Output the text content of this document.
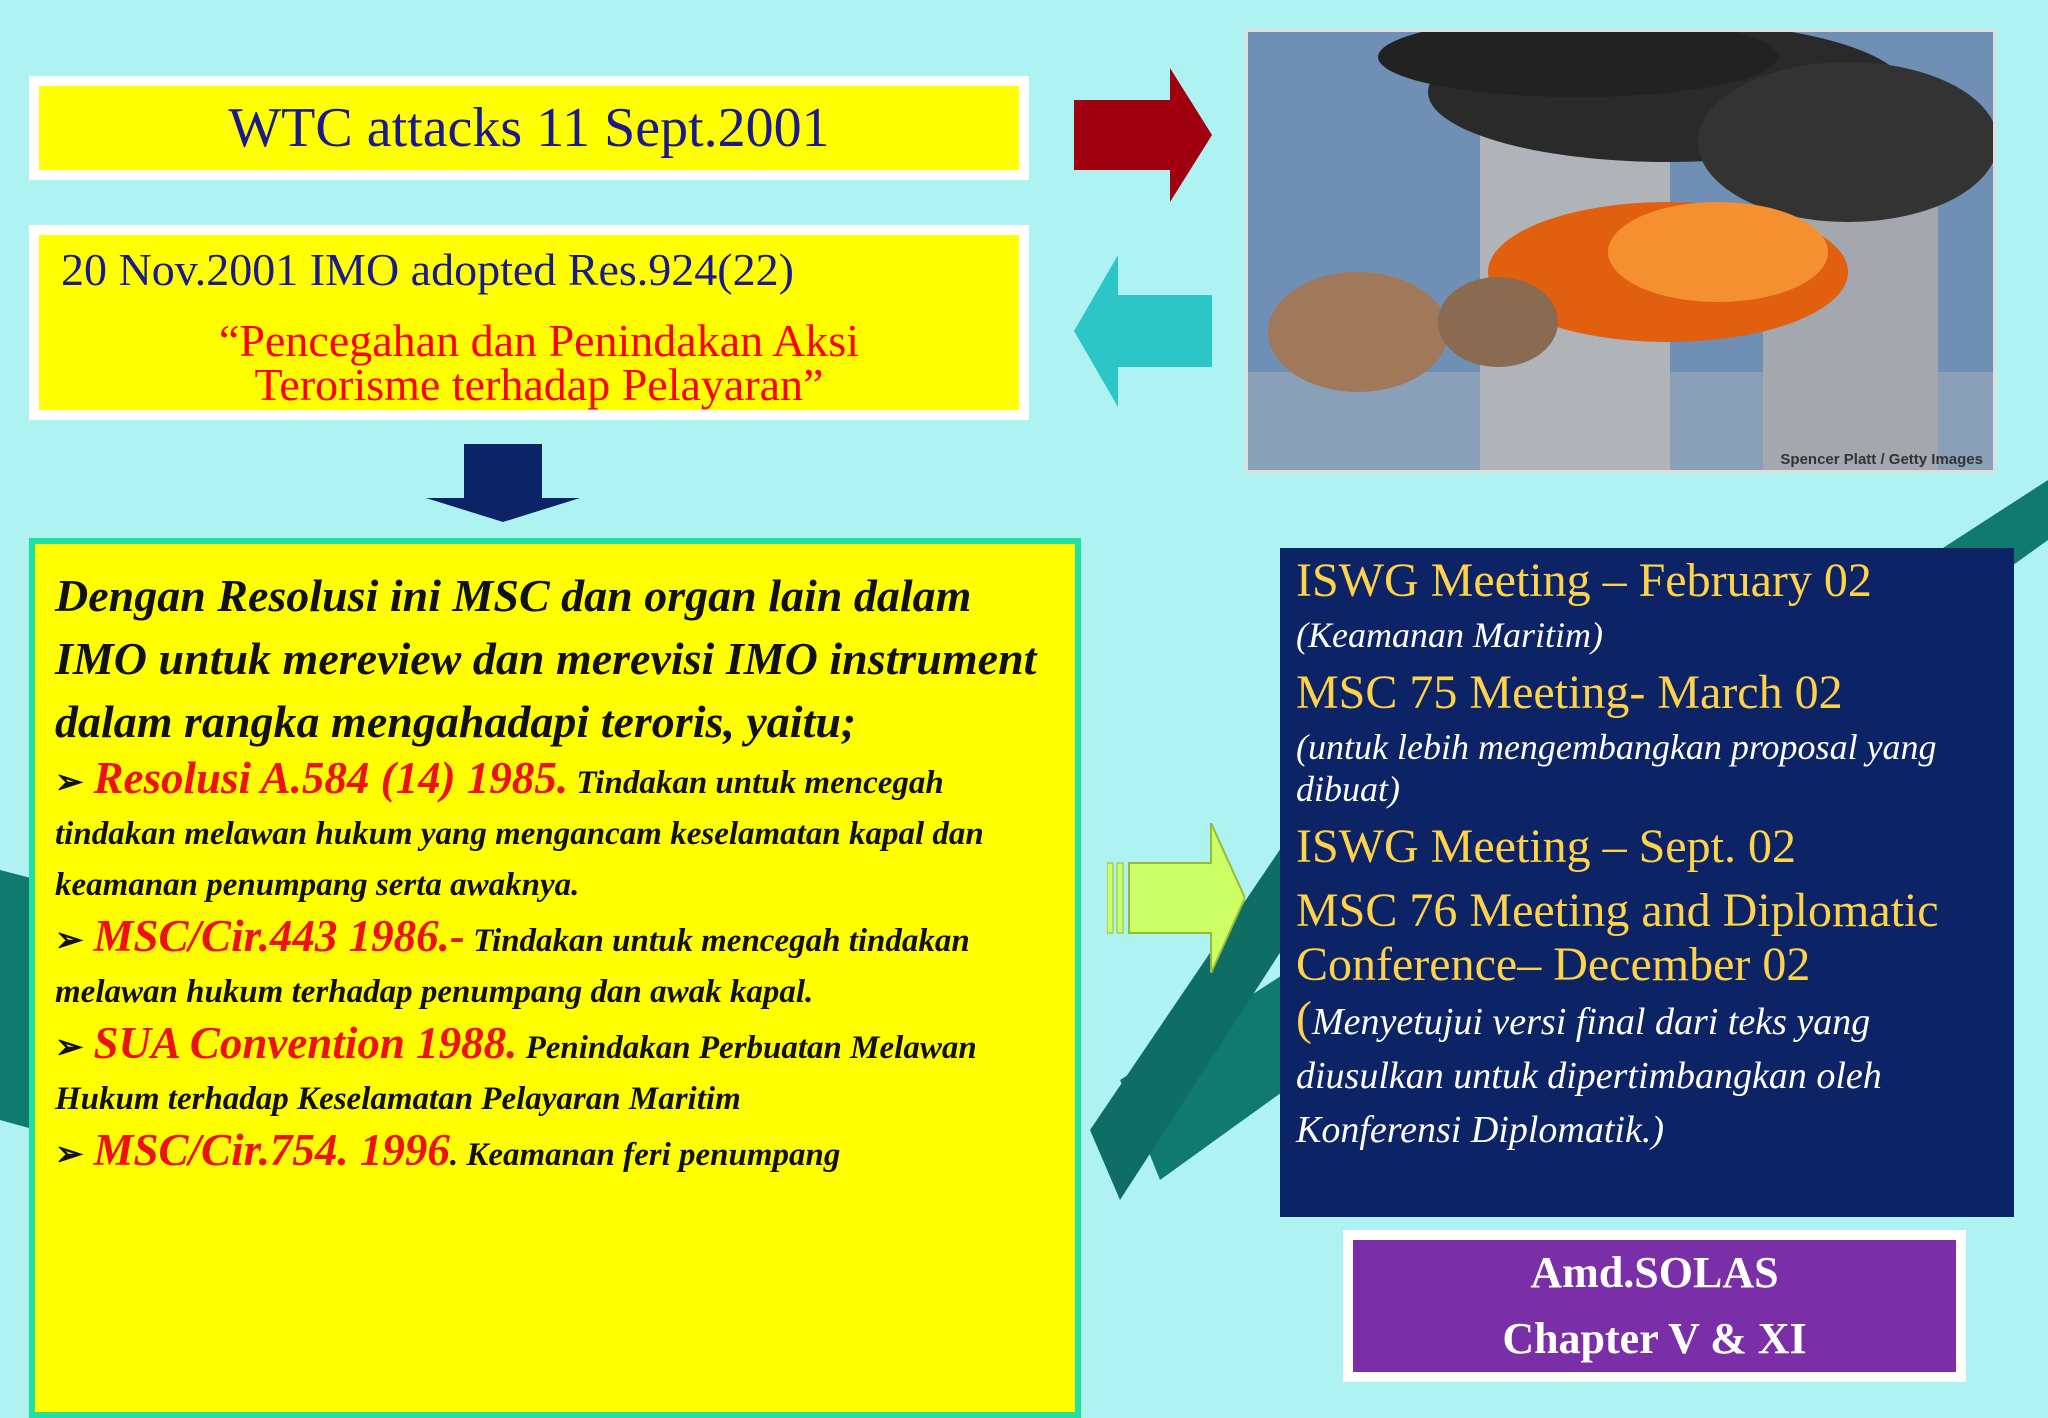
WTC attacks 11 Sept.2001
20 Nov.2001 IMO adopted Res.924(22)
“Pencegahan dan Penindakan Aksi
Terorisme terhadap Pelayaran”
Spencer Platt / Getty Images
Dengan Resolusi ini MSC dan organ lain dalam IMO untuk mereview dan merevisi IMO instrument dalam rangka mengahadapi teroris, yaitu;
➢ Resolusi A.584 (14) 1985. Tindakan untuk mencegah tindakan melawan hukum yang mengancam keselamatan kapal dan keamanan penumpang serta awaknya.
➢ MSC/Cir.443 1986.- Tindakan untuk mencegah tindakan melawan hukum terhadap penumpang dan awak kapal.
➢ SUA Convention 1988. Penindakan Perbuatan Melawan Hukum terhadap Keselamatan Pelayaran Maritim
➢ MSC/Cir.754. 1996. Keamanan feri penumpang
ISWG Meeting – February 02
(Keamanan Maritim)
MSC 75 Meeting- March 02
(untuk lebih mengembangkan proposal yang dibuat)
ISWG Meeting – Sept. 02
MSC 76 Meeting and Diplomatic Conference– December 02 (Menyetujui versi final dari teks yang diusulkan untuk dipertimbangkan oleh Konferensi Diplomatik.)
Amd.SOLAS
Chapter V & XI
